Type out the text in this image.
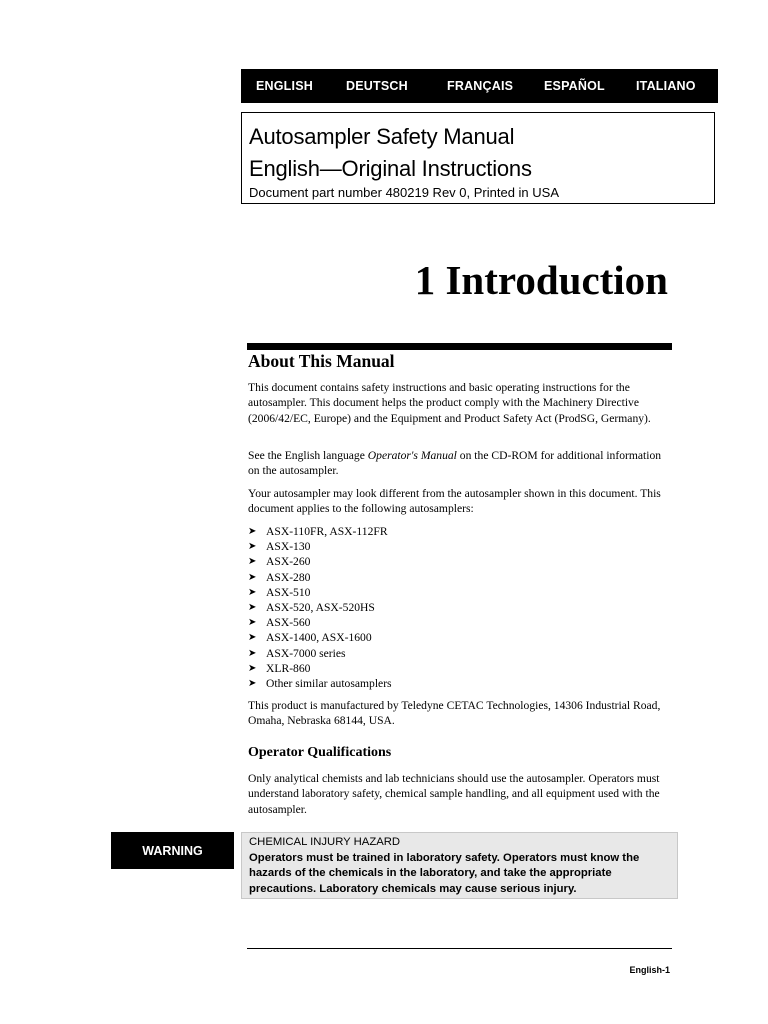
ENGLISH	DEUTSCH	FRANÇAIS ESPAÑOL ITALIANO
Autosampler Safety Manual
English—Original Instructions
Document part number 480219 Rev 0, Printed in USA
1 Introduction
About This Manual

This document contains safety instructions and basic operating instructions for the autosampler. This document helps the product comply with the Machinery Directive (2006/42/EC, Europe) and the Equipment and Product Safety Act (ProdSG, Germany).

See the English language Operator's Manual on the CD-ROM for additional information on the autosampler.

Your autosampler may look different from the autosampler shown in this document. This document applies to the following autosamplers:

➤ ASX-110FR, ASX-112FR
➤ ASX-130
➤ ASX-260
➤ ASX-280
➤ ASX-510
➤ ASX-520, ASX-520HS
➤ ASX-560
➤ ASX-1400, ASX-1600
➤ ASX-7000 series
➤ XLR-860
➤ Other similar autosamplers

This product is manufactured by Teledyne CETAC Technologies, 14306 Industrial Road, Omaha, Nebraska 68144, USA.

Operator Qualifications

Only analytical chemists and lab technicians should use the autosampler. Operators must understand laboratory safety, chemical sample handling, and all equipment used with the autosampler.

WARNING
CHEMICAL INJURY HAZARD
Operators must be trained in laboratory safety. Operators must know the hazards of the chemicals in the laboratory, and take the appropriate precautions. Laboratory chemicals may cause serious injury.
English-1
